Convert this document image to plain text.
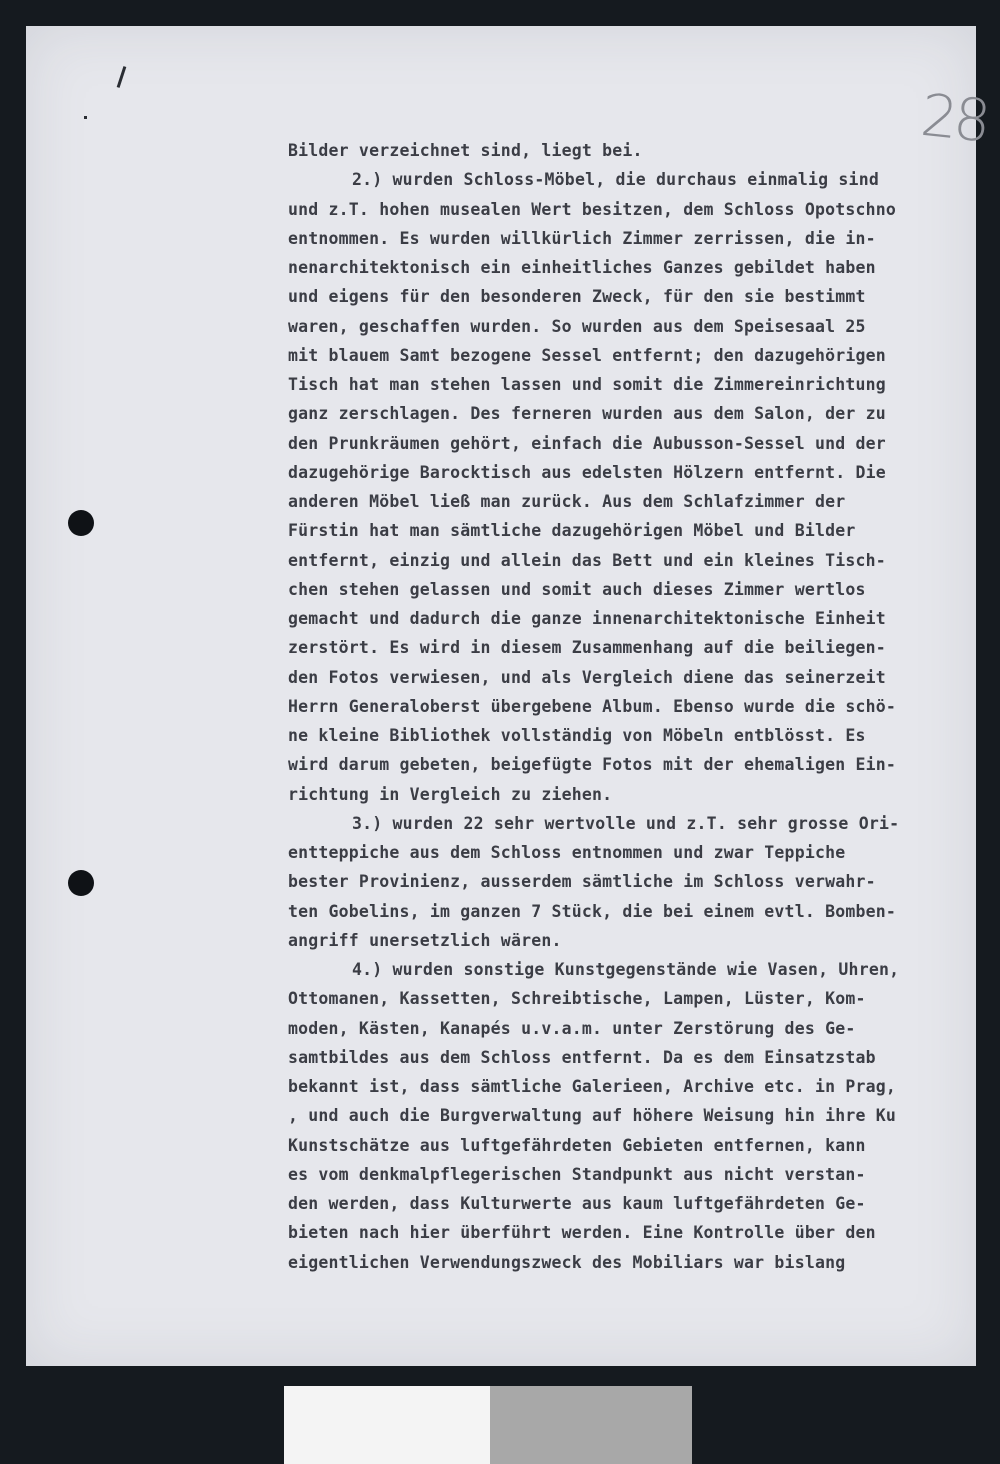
28
Bilder verzeichnet sind, liegt bei.
2.) wurden Schloss-Möbel, die durchaus einmalig sind
und z.T. hohen musealen Wert besitzen, dem Schloss Opotschno
entnommen. Es wurden willkürlich Zimmer zerrissen, die in-
nenarchitektonisch ein einheitliches Ganzes gebildet haben
und eigens für den besonderen Zweck, für den sie bestimmt
waren, geschaffen wurden. So wurden aus dem Speisesaal 25
mit blauem Samt bezogene Sessel entfernt; den dazugehörigen
Tisch hat man stehen lassen und somit die Zimmereinrichtung
ganz zerschlagen. Des ferneren wurden aus dem Salon, der zu
den Prunkräumen gehört, einfach die Aubusson-Sessel und der
dazugehörige Barocktisch aus edelsten Hölzern entfernt. Die
anderen Möbel ließ man zurück. Aus dem Schlafzimmer der
Fürstin hat man sämtliche dazugehörigen Möbel und Bilder
entfernt, einzig und allein das Bett und ein kleines Tisch-
chen stehen gelassen und somit auch dieses Zimmer wertlos
gemacht und dadurch die ganze innenarchitektonische Einheit
zerstört. Es wird in diesem Zusammenhang auf die beiliegen-
den Fotos verwiesen, und als Vergleich diene das seinerzeit
Herrn Generaloberst übergebene Album. Ebenso wurde die schö-
ne kleine Bibliothek vollständig von Möbeln entblösst. Es
wird darum gebeten, beigefügte Fotos mit der ehemaligen Ein-
richtung in Vergleich zu ziehen.
3.) wurden 22 sehr wertvolle und z.T. sehr grosse Ori-
entteppiche aus dem Schloss entnommen und zwar Teppiche
bester Provinienz, ausserdem sämtliche im Schloss verwahr-
ten Gobelins, im ganzen 7 Stück, die bei einem evtl. Bomben-
angriff unersetzlich wären.
4.) wurden sonstige Kunstgegenstände wie Vasen, Uhren,
Ottomanen, Kassetten, Schreibtische, Lampen, Lüster, Kom-
moden, Kästen, Kanapés u.v.a.m. unter Zerstörung des Ge-
samtbildes aus dem Schloss entfernt. Da es dem Einsatzstab
bekannt ist, dass sämtliche Galerieen, Archive etc. in Prag,
, und auch die Burgverwaltung auf höhere Weisung hin ihre Ku
Kunstschätze aus luftgefährdeten Gebieten entfernen, kann
es vom denkmalpflegerischen Standpunkt aus nicht verstan-
den werden, dass Kulturwerte aus kaum luftgefährdeten Ge-
bieten nach hier überführt werden. Eine Kontrolle über den
eigentlichen Verwendungszweck des Mobiliars war bislang
